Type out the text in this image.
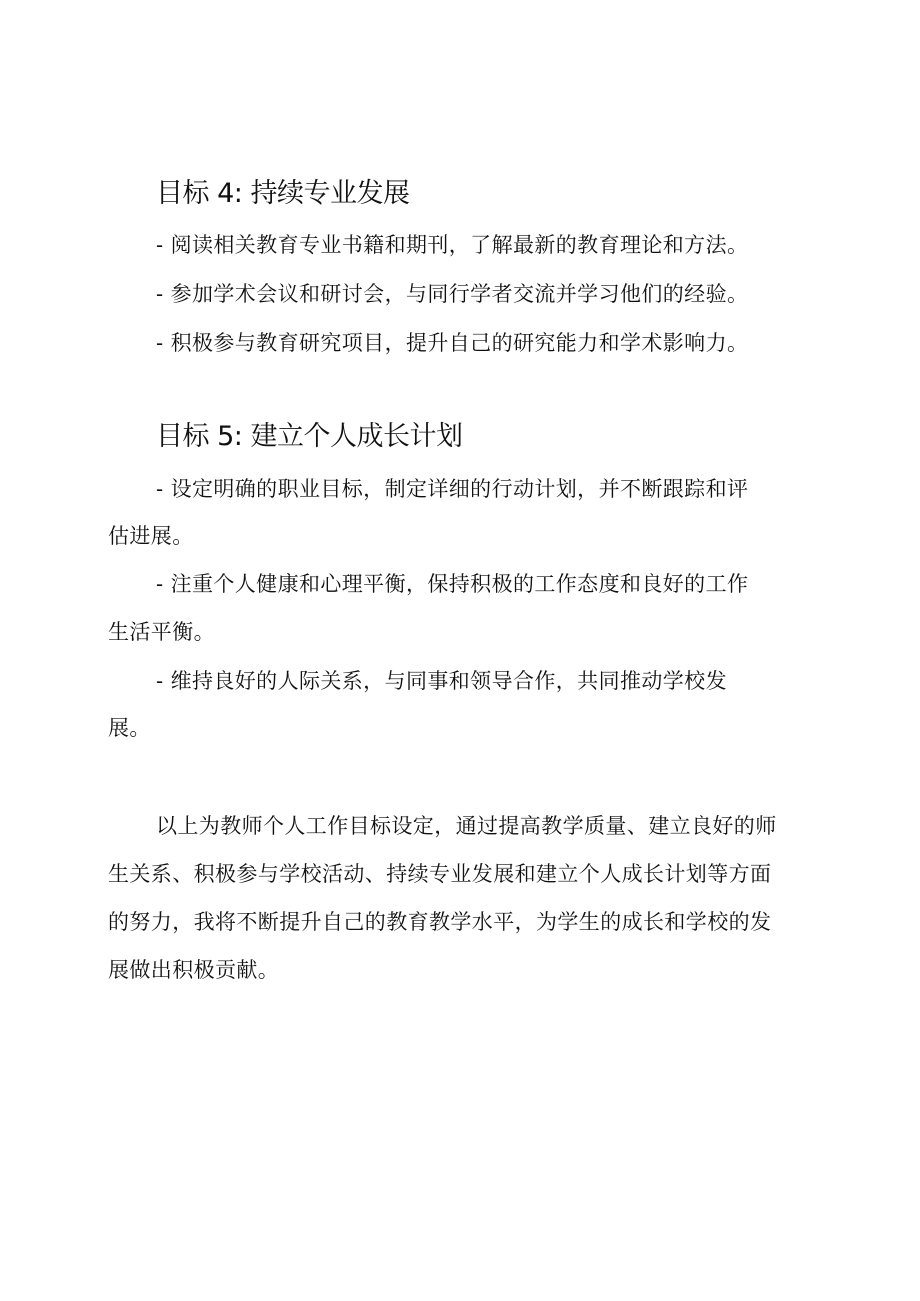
目标 4: 持续专业发展
- 阅读相关教育专业书籍和期刊，了解最新的教育理论和方法。
- 参加学术会议和研讨会，与同行学者交流并学习他们的经验。
- 积极参与教育研究项目，提升自己的研究能力和学术影响力。
目标 5: 建立个人成长计划
- 设定明确的职业目标，制定详细的行动计划，并不断跟踪和评
估进展。
- 注重个人健康和心理平衡，保持积极的工作态度和良好的工作
生活平衡。
- 维持良好的人际关系，与同事和领导合作，共同推动学校发
展。
以上为教师个人工作目标设定，通过提高教学质量、建立良好的师
生关系、积极参与学校活动、持续专业发展和建立个人成长计划等方面
的努力，我将不断提升自己的教育教学水平，为学生的成长和学校的发
展做出积极贡献。
